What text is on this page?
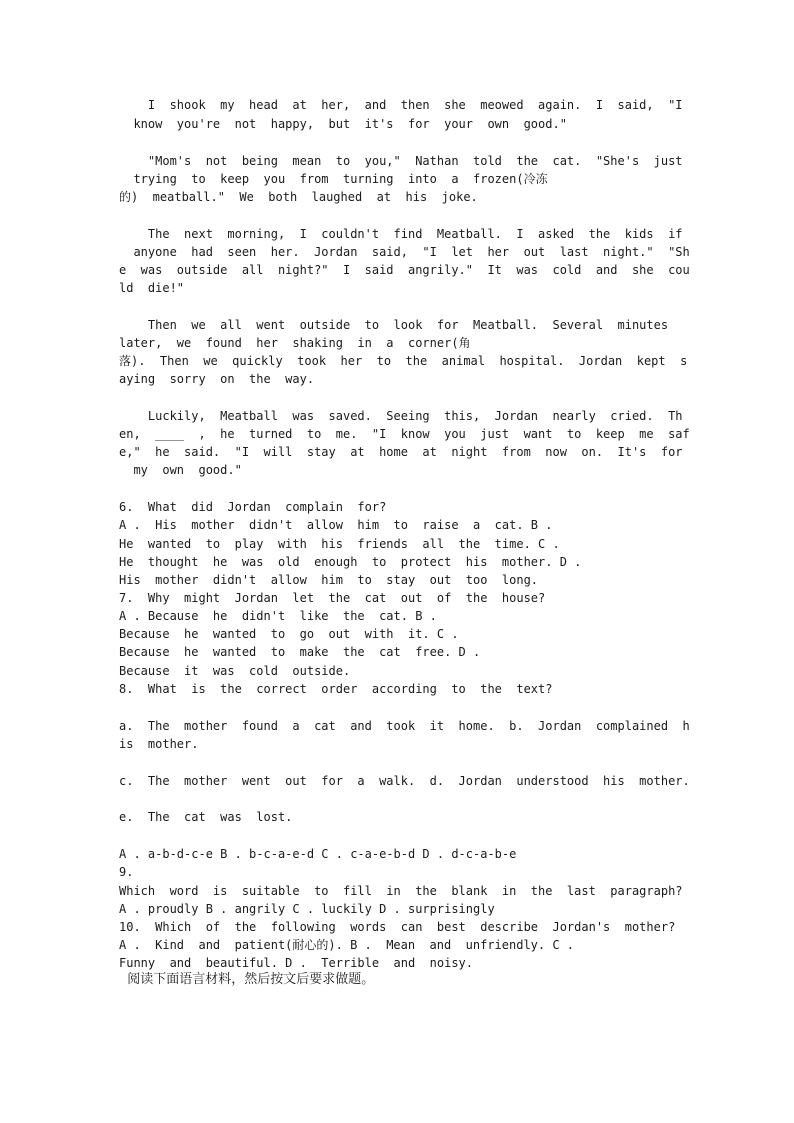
I  shook  my  head  at  her,  and  then  she  meowed  again.  I  said,  "I
know  you're  not  happy,  but  it's  for  your  own  good."
"Mom's  not  being  mean  to  you,"  Nathan  told  the  cat.  "She's  just
trying  to  keep  you  from  turning  into  a  frozen(冷冻
的)  meatball."  We  both  laughed  at  his  joke.
The  next  morning,  I  couldn't  find  Meatball.  I  asked  the  kids  if
anyone  had  seen  her.  Jordan  said,  "I  let  her  out  last  night."  "Sh
e  was  outside  all  night?"  I  said  angrily."  It  was  cold  and  she  cou
ld  die!"
Then  we  all  went  outside  to  look  for  Meatball.  Several  minutes
later,  we  found  her  shaking  in  a  corner(角
落).  Then  we  quickly  took  her  to  the  animal  hospital.  Jordan  kept  s
aying  sorry  on  the  way.
Luckily,  Meatball  was  saved.  Seeing  this,  Jordan  nearly  cried.  Th
en,  ____  ,  he  turned  to  me.  "I  know  you  just  want  to  keep  me  saf
e,"  he  said.  "I  will  stay  at  home  at  night  from  now  on.  It's  for
my  own  good."
6.  What  did  Jordan  complain  for?
A .  His  mother  didn't  allow  him  to  raise  a  cat. B .
He  wanted  to  play  with  his  friends  all  the  time. C .
He  thought  he  was  old  enough  to  protect  his  mother. D .
His  mother  didn't  allow  him  to  stay  out  too  long.
7.  Why  might  Jordan  let  the  cat  out  of  the  house?
A . Because  he  didn't  like  the  cat. B .
Because  he  wanted  to  go  out  with  it. C .
Because  he  wanted  to  make  the  cat  free. D .
Because  it  was  cold  outside.
8.  What  is  the  correct  order  according  to  the  text?
a.  The  mother  found  a  cat  and  took  it  home.  b.  Jordan  complained  h
is  mother.
c.  The  mother  went  out  for  a  walk.  d.  Jordan  understood  his  mother.
e.  The  cat  was  lost.
A . a-b-d-c-e B . b-c-a-e-d C . c-a-e-b-d D . d-c-a-b-e
9.
Which  word  is  suitable  to  fill  in  the  blank  in  the  last  paragraph?
A . proudly B . angrily C . luckily D . surprisingly
10.  Which  of  the  following  words  can  best  describe  Jordan's  mother?
A .  Kind  and  patient(耐心的). B .  Mean  and  unfriendly. C .
Funny  and  beautiful. D .  Terrible  and  noisy.
阅读下面语言材料，然后按文后要求做题。
